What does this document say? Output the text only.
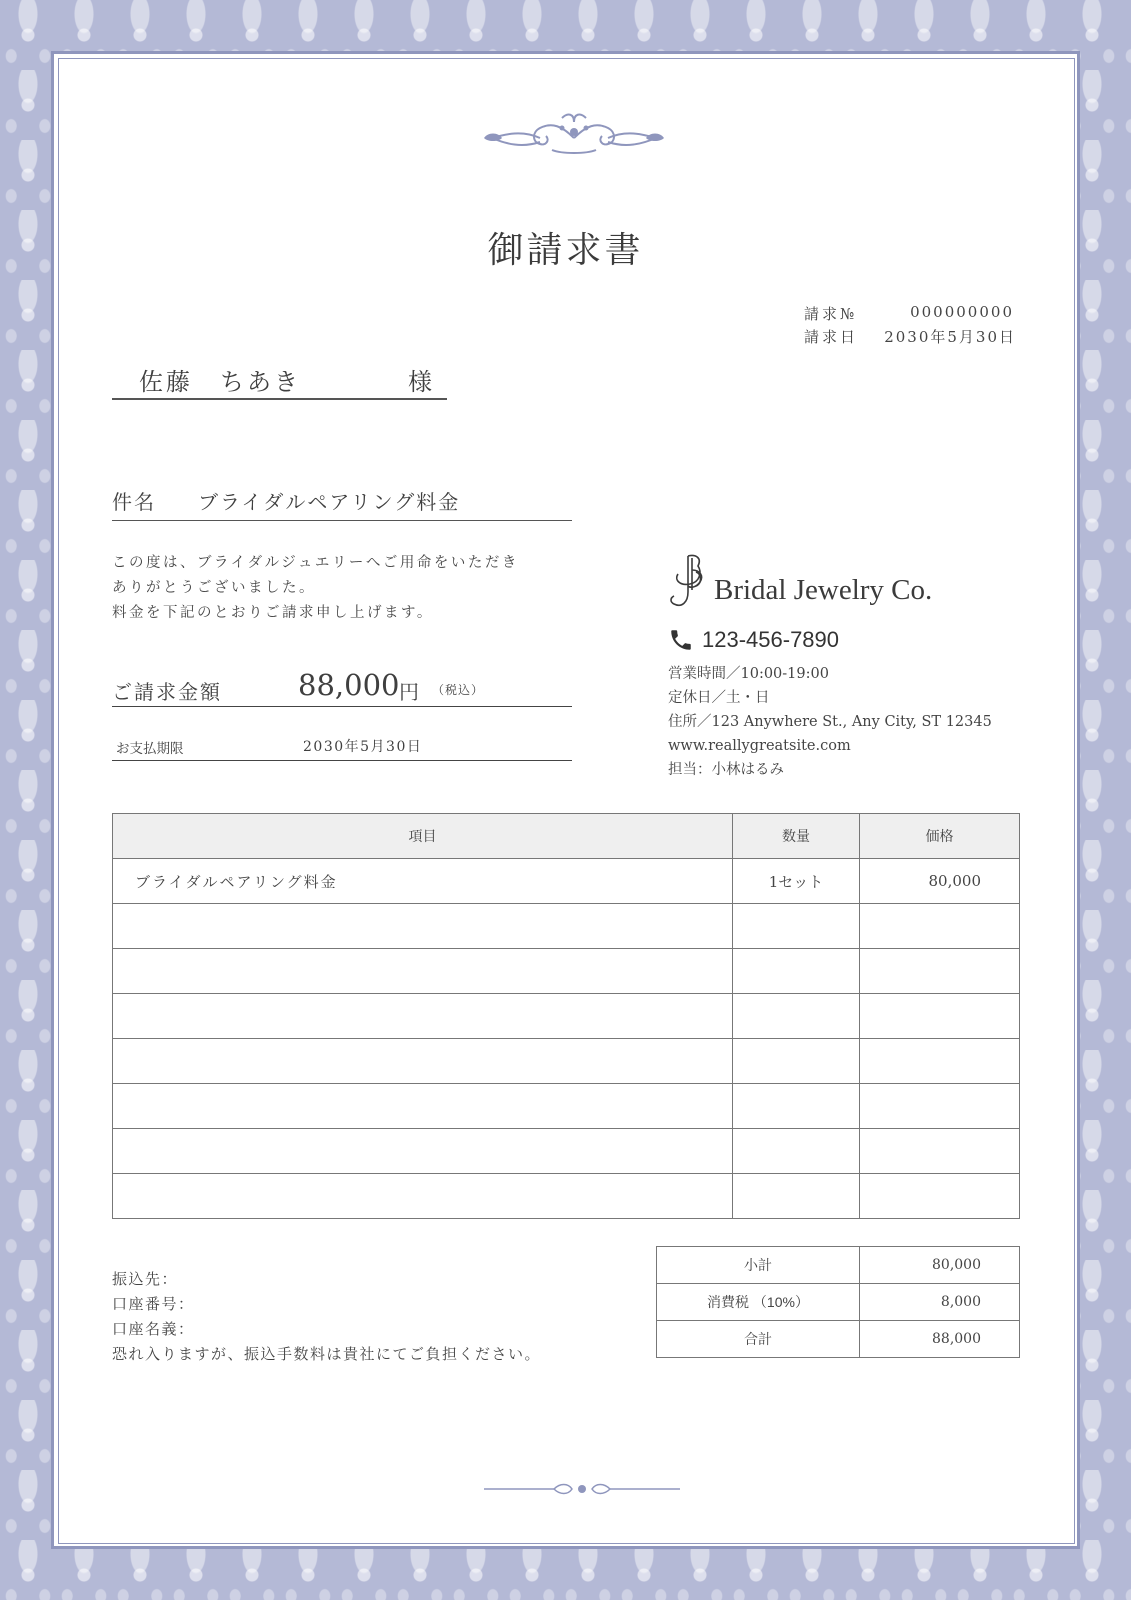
御請求書
請求№	000000000
請求日 2030年5月30日
佐藤　ちあき	様
件名 ブライダルペアリング料金
この度は、ブライダルジュエリーへご用命をいただき
ありがとうございました。
料金を下記のとおりご請求申し上げます。
ご請求金額	88,000 円 （税込）
お支払期限	2030年5月30日
Bridal Jewelry Co.
123-456-7890
営業時間／10:00-19:00
定休日／土・日
住所／123 Anywhere St., Any City, ST 12345
www.reallygreatsite.com
担当：小林はるみ
項目	数量	価格
ブライダルペアリング料金	1セット	80,000

振込先：
口座番号：
口座名義：
恐れ入りますが、振込手数料は貴社にてご負担ください。
小計	80,000
消費税 （10%）	8,000
合計	88,000
